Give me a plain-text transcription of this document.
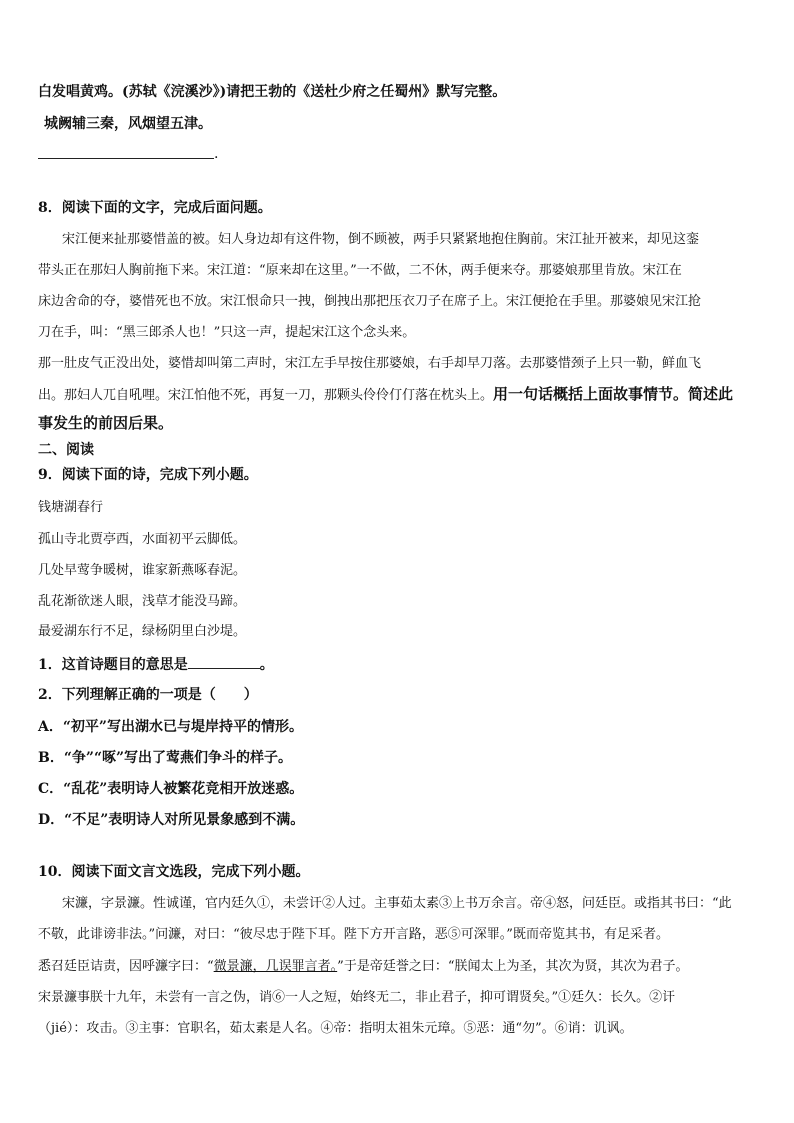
白发唱黄鸡。(苏轼《浣溪沙》)请把王勃的《送杜少府之任蜀州》默写完整。
城阙辅三秦，风烟望五津。
.
8．阅读下面的文字，完成后面问题。
宋江便来扯那婆惜盖的被。妇人身边却有这件物，倒不顾被，两手只紧紧地抱住胸前。宋江扯开被来，却见这銮
带头正在那妇人胸前拖下来。宋江道：“原来却在这里。”一不做，二不休，两手便来夺。那婆娘那里肯放。宋江在
床边舍命的夺，婆惜死也不放。宋江恨命只一拽，倒拽出那把压衣刀子在席子上。宋江便抢在手里。那婆娘见宋江抢
刀在手，叫：“黑三郎杀人也！”只这一声，提起宋江这个念头来。
那一肚皮气正没出处，婆惜却叫第二声时，宋江左手早按住那婆娘，右手却早刀落。去那婆惜颈子上只一勒，鲜血飞
出。那妇人兀自吼哩。宋江怕他不死，再复一刀，那颗头伶伶仃仃落在枕头上。用一句话概括上面故事情节。简述此
事发生的前因后果。
二、阅读
9．阅读下面的诗，完成下列小题。
钱塘湖春行
孤山寺北贾亭西，水面初平云脚低。
几处早莺争暖树，谁家新燕啄春泥。
乱花渐欲迷人眼，浅草才能没马蹄。
最爱湖东行不足，绿杨阴里白沙堤。
1．这首诗题目的意思是	。
2．下列理解正确的一项是（　　）
A．“初平”写出湖水已与堤岸持平的情形。
B．“争”“啄”写出了莺燕们争斗的样子。
C．“乱花”表明诗人被繁花竞相开放迷惑。
D．“不足”表明诗人对所见景象感到不满。
10．阅读下面文言文选段，完成下列小题。
宋濂，字景濂。性诚谨，官内廷久①，未尝讦②人过。主事茹太素③上书万余言。帝④怒，问廷臣。或指其书曰：“此
不敬，此诽谤非法。”问濂，对曰：“彼尽忠于陛下耳。陛下方开言路，恶⑤可深罪。”既而帝览其书，有足采者。
悉召廷臣诘责，因呼濂字曰：“微景濂，几误罪言者。”于是帝廷誉之曰：“朕闻太上为圣，其次为贤，其次为君子。
宋景濂事朕十九年，未尝有一言之伪，诮⑥一人之短，始终无二，非止君子，抑可谓贤矣。”①廷久：长久。②讦
（jié）：攻击。③主事：官职名，茹太素是人名。④帝：指明太祖朱元璋。⑤恶：通“勿”。⑥诮：讥讽。
